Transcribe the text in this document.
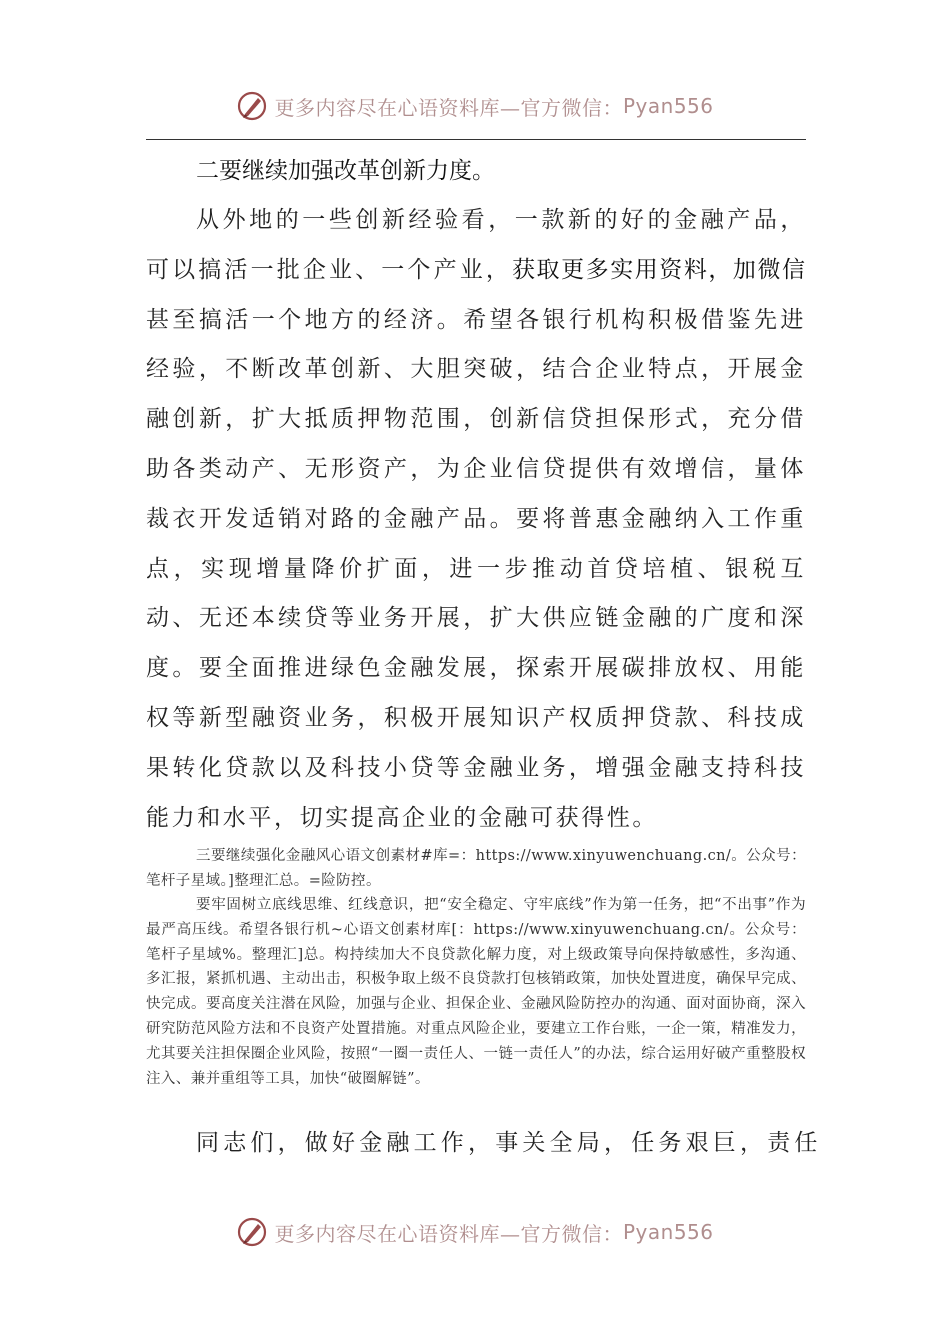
更多内容尽在心语资料库— 官方微信： Pyan556
二要继续加强改革创新力度。

从外地的一些创新经验看，一款新的好的金融产品，可以搞活一批企业、一个产业，获取更多实用资料，加微信甚至搞活一个地方的经济。希望各银行机构积极借鉴先进经验，不断改革创新、大胆突破，结合企业特点，开展金融创新，扩大抵质押物范围，创新信贷担保形式，充分借助各类动产、无形资产，为企业信贷提供有效增信，量体裁衣开发适销对路的金融产品。要将普惠金融纳入工作重点，实现增量降价扩面，进一步推动首贷培植、银税互动、无还本续贷等业务开展，扩大供应链金融的广度和深度。要全面推进绿色金融发展，探索开展碳排放权、用能权等新型融资业务，积极开展知识产权质押贷款、科技成果转化贷款以及科技小贷等金融业务，增强金融支持科技能力和水平，切实提高企业的金融可获得性。

三要继续强化金融风心语文创素材#库=：https://www.xinyuwenchuang.cn/。公众号：笔杆子星域。]整理汇总。=险防控。

要牢固树立底线思维、红线意识，把“安全稳定、守牢底线”作为第一任务，把“不出事”作为最严高压线。希望各银行机~心语文创素材库[：https://www.xinyuwenchuang.cn/。公众号：笔杆子星域%。整理汇]总。构持续加大不良贷款化解力度，对上级政策导向保持敏感性，多沟通、多汇报，紧抓机遇、主动出击，积极争取上级不良贷款打包核销政策，加快处置进度，确保早完成、快完成。要高度关注潜在风险，加强与企业、担保企业、金融风险防控办的沟通、面对面协商，深入研究防范风险方法和不良资产处置措施。对重点风险企业，要建立工作台账，一企一策，精准发力，尤其要关注担保圈企业风险，按照“一圈一责任人、一链一责任人”的办法，综合运用好破产重整股权注入、兼并重组等工具，加快“破圈解链”。

同志们，做好金融工作，事关全局，任务艰巨，责任

更多内容尽在心语资料库— 官方微信： Pyan556
